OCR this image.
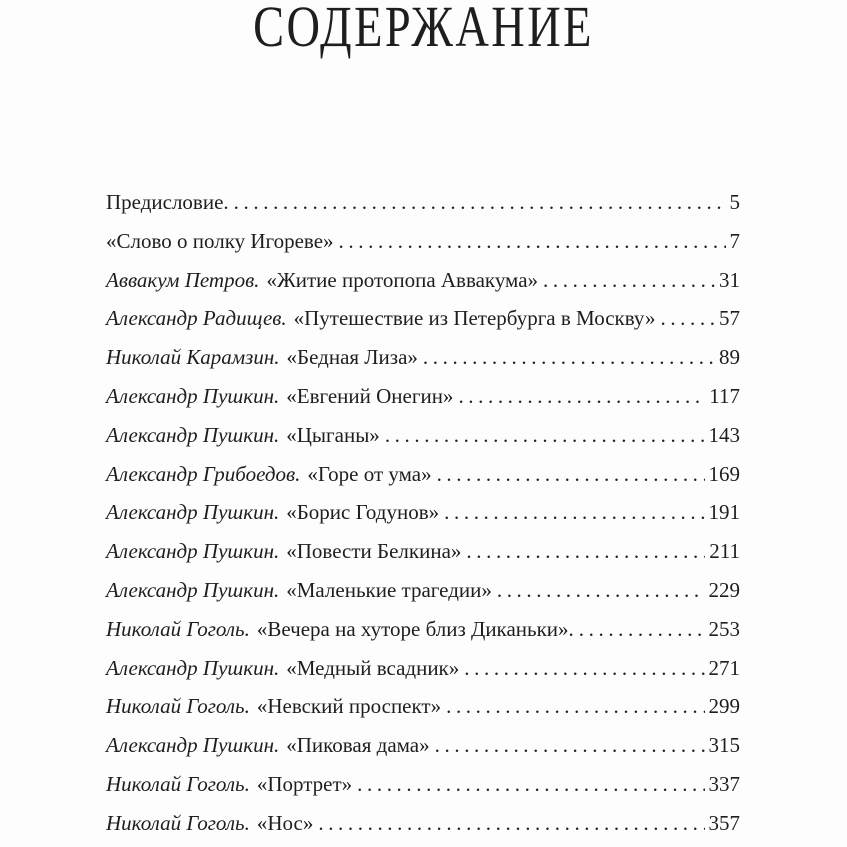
СОДЕРЖАНИЕ
Предисловие. .....	5
«Слово о полку Игореве» .....	7
Аввакум Петров. «Житие протопопа Аввакума» .....	31
Александр Радищев. «Путешествие из Петербурга в Москву» .....	57
Николай Карамзин. «Бедная Лиза» .....	89
Александр Пушкин. «Евгений Онегин» .....	117
Александр Пушкин. «Цыганы» .....	143
Александр Грибоедов. «Горе от ума» .....	169
Александр Пушкин. «Борис Годунов» .....	191
Александр Пушкин. «Повести Белкина» .....	211
Александр Пушкин. «Маленькие трагедии» .....	229
Николай Гоголь. «Вечера на хуторе близ Диканьки». .....	253
Александр Пушкин. «Медный всадник» .....	271
Николай Гоголь. «Невский проспект» .....	299
Александр Пушкин. «Пиковая дама» .....	315
Николай Гоголь. «Портрет» .....	337
Николай Гоголь. «Нос» .....	357
